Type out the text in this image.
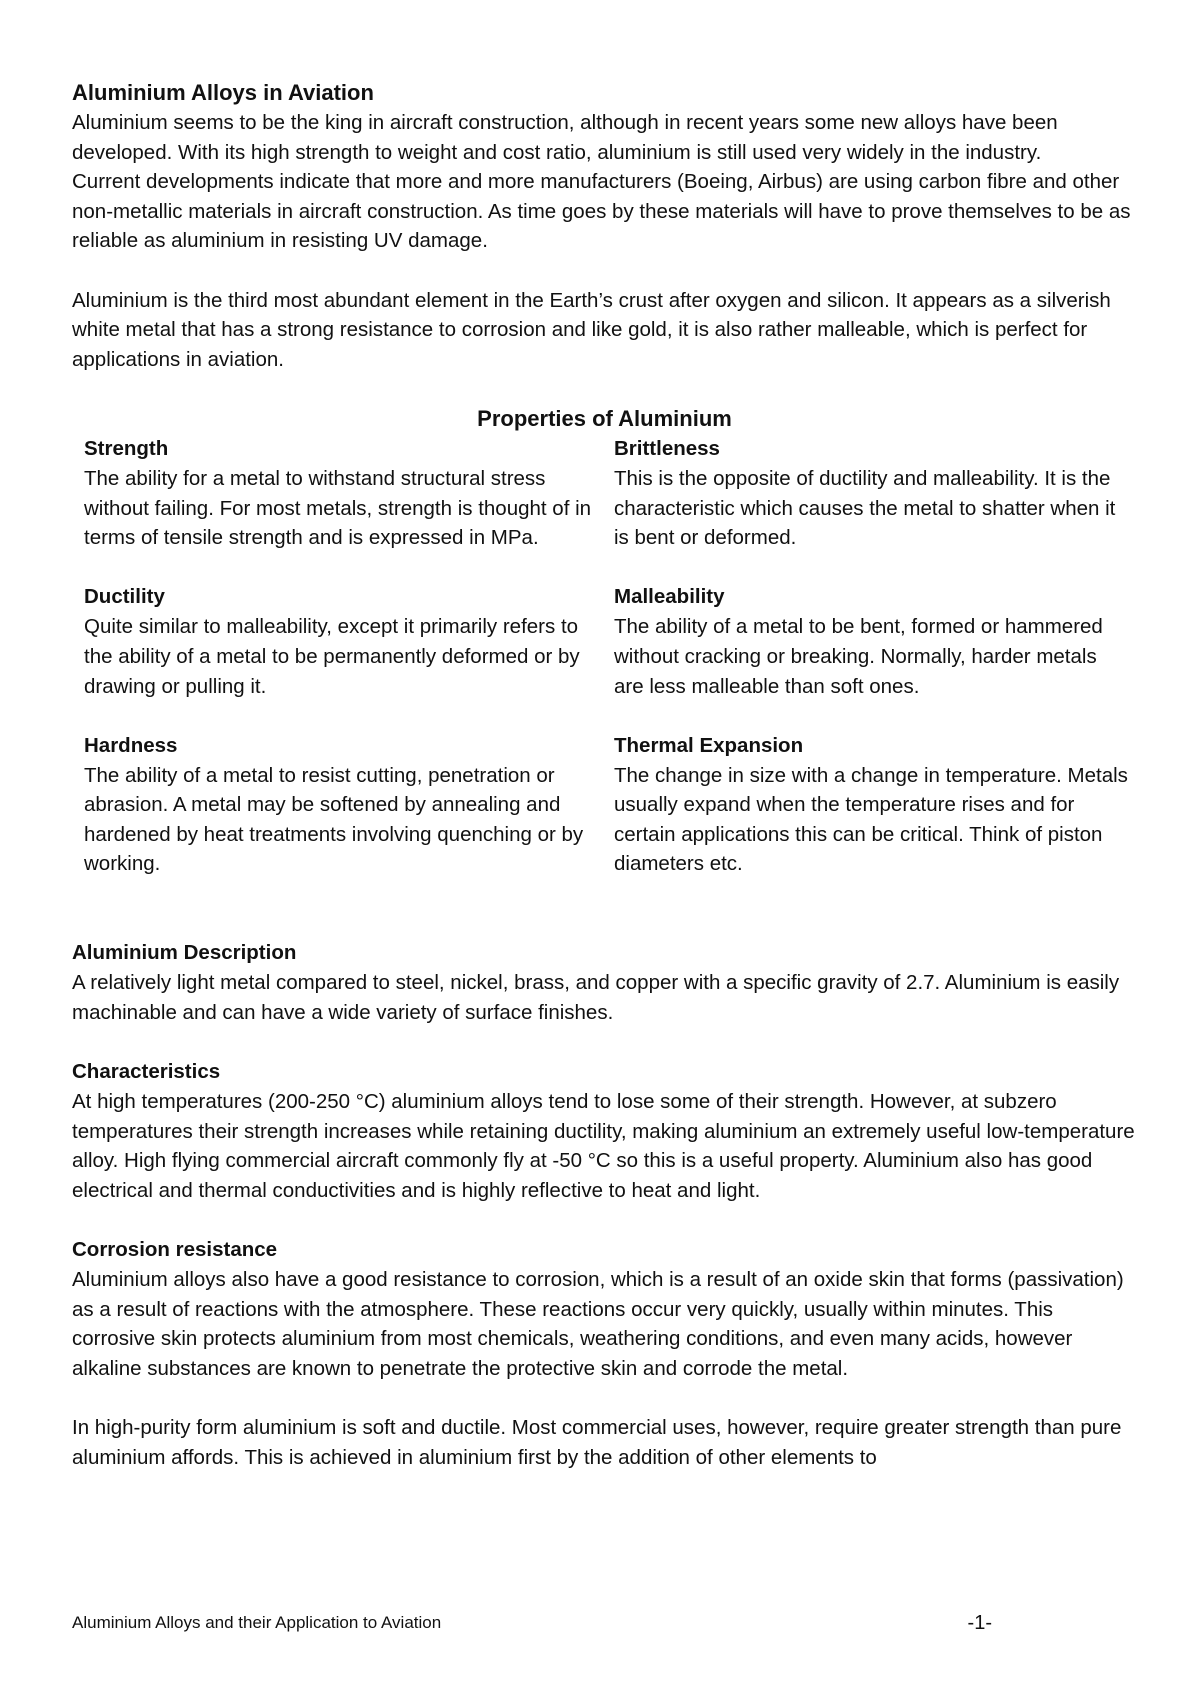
Aluminium Alloys in Aviation

Aluminium seems to be the king in aircraft construction, although in recent years some new alloys have been developed. With its high strength to weight and cost ratio, aluminium is still used very widely in the industry.

Current developments indicate that more and more manufacturers (Boeing, Airbus) are using carbon fibre and other non-metallic materials in aircraft construction. As time goes by these materials will have to prove themselves to be as reliable as aluminium in resisting UV damage.

Aluminium is the third most abundant element in the Earth’s crust after oxygen and silicon. It appears as a silverish white metal that has a strong resistance to corrosion and like gold, it is also rather malleable, which is perfect for applications in aviation.

Properties of Aluminium
Strength
The ability for a metal to withstand structural stress without failing. For most metals, strength is thought of in terms of tensile strength and is expressed in MPa.
Brittleness
This is the opposite of ductility and malleability. It is the characteristic which causes the metal to shatter when it is bent or deformed.
Ductility
Quite similar to malleability, except it primarily refers to the ability of a metal to be permanently deformed or by drawing or pulling it.
Malleability
The ability of a metal to be bent, formed or hammered without cracking or breaking. Normally, harder metals are less malleable than soft ones.
Hardness
The ability of a metal to resist cutting, penetration or abrasion. A metal may be softened by annealing and hardened by heat treatments involving quenching or by working.
Thermal Expansion
The change in size with a change in temperature. Metals usually expand when the temperature rises and for certain applications this can be critical. Think of piston diameters etc.
Aluminium Description

A relatively light metal compared to steel, nickel, brass, and copper with a specific gravity of 2.7. Aluminium is easily machinable and can have a wide variety of surface finishes.

Characteristics

At high temperatures (200-250 °C) aluminium alloys tend to lose some of their strength. However, at subzero temperatures their strength increases while retaining ductility, making aluminium an extremely useful low-temperature alloy. High flying commercial aircraft commonly fly at -50 °C so this is a useful property. Aluminium also has good electrical and thermal conductivities and is highly reflective to heat and light.

Corrosion resistance

Aluminium alloys also have a good resistance to corrosion, which is a result of an oxide skin that forms (passivation) as a result of reactions with the atmosphere. These reactions occur very quickly, usually within minutes. This corrosive skin protects aluminium from most chemicals, weathering conditions, and even many acids, however alkaline substances are known to penetrate the protective skin and corrode the metal.

In high-purity form aluminium is soft and ductile. Most commercial uses, however, require greater strength than pure aluminium affords. This is achieved in aluminium first by the addition of other elements to

Aluminium Alloys and their Application to Aviation	-1-
